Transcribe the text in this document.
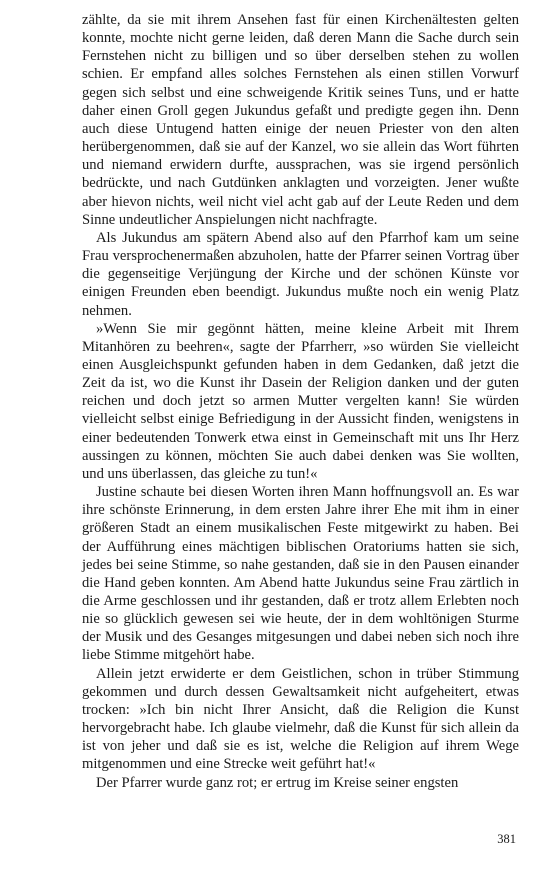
zählte, da sie mit ihrem Ansehen fast für einen Kirchenältesten gelten konnte, mochte nicht gerne leiden, daß deren Mann die Sache durch sein Fernstehen nicht zu billigen und so über derselben stehen zu wollen schien. Er empfand alles solches Fernstehen als einen stillen Vorwurf gegen sich selbst und eine schweigende Kritik seines Tuns, und er hatte daher einen Groll gegen Jukundus gefaßt und predigte gegen ihn. Denn auch diese Untugend hatten einige der neuen Priester von den alten herübergenommen, daß sie auf der Kanzel, wo sie allein das Wort führten und niemand erwidern durfte, aussprachen, was sie irgend persönlich bedrückte, und nach Gutdünken anklagten und vorzeigten. Jener wußte aber hievon nichts, weil nicht viel acht gab auf der Leute Reden und dem Sinne undeutlicher Anspielungen nicht nachfragte.

Als Jukundus am spätern Abend also auf den Pfarrhof kam um seine Frau versprochenermaßen abzuholen, hatte der Pfarrer seinen Vortrag über die gegenseitige Verjüngung der Kirche und der schönen Künste vor einigen Freunden eben beendigt. Jukundus mußte noch ein wenig Platz nehmen.

»Wenn Sie mir gegönnt hätten, meine kleine Arbeit mit Ihrem Mitanhören zu beehren«, sagte der Pfarrherr, »so würden Sie vielleicht einen Ausgleichspunkt gefunden haben in dem Gedanken, daß jetzt die Zeit da ist, wo die Kunst ihr Dasein der Religion danken und der guten reichen und doch jetzt so armen Mutter vergelten kann! Sie würden vielleicht selbst einige Befriedigung in der Aussicht finden, wenigstens in einer bedeutenden Tonwerk etwa einst in Gemeinschaft mit uns Ihr Herz aussingen zu können, möchten Sie auch dabei denken was Sie wollten, und uns überlassen, das gleiche zu tun!«

Justine schaute bei diesen Worten ihren Mann hoffnungsvoll an. Es war ihre schönste Erinnerung, in dem ersten Jahre ihrer Ehe mit ihm in einer größeren Stadt an einem musikalischen Feste mitgewirkt zu haben. Bei der Aufführung eines mächtigen biblischen Oratoriums hatten sie sich, jedes bei seine Stimme, so nahe gestanden, daß sie in den Pausen einander die Hand geben konnten. Am Abend hatte Jukundus seine Frau zärtlich in die Arme geschlossen und ihr gestanden, daß er trotz allem Erlebten noch nie so glücklich gewesen sei wie heute, der in dem wohltönigen Sturme der Musik und des Gesanges mitgesungen und dabei neben sich noch ihre liebe Stimme mitgehört habe.

Allein jetzt erwiderte er dem Geistlichen, schon in trüber Stimmung gekommen und durch dessen Gewaltsamkeit nicht aufgeheitert, etwas trocken: »Ich bin nicht Ihrer Ansicht, daß die Religion die Kunst hervorgebracht habe. Ich glaube vielmehr, daß die Kunst für sich allein da ist von jeher und daß sie es ist, welche die Religion auf ihrem Wege mitgenommen und eine Strecke weit geführt hat!«

Der Pfarrer wurde ganz rot; er ertrug im Kreise seiner engsten

381
